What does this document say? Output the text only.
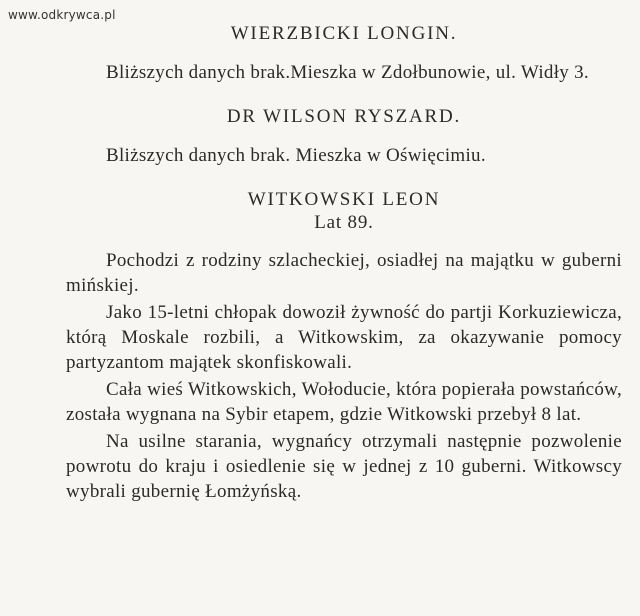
www.odkrywca.pl
WIERZBICKI LONGIN.

Bliższych danych brak.Mieszka w Zdołbunowie, ul. Widły 3.

DR WILSON RYSZARD.

Bliższych danych brak. Mieszka w Oświęcimiu.

WITKOWSKI LEON
Lat 89.

Pochodzi z rodziny szlacheckiej, osiadłej na majątku w guberni mińskiej.

Jako 15-letni chłopak dowoził żywność do partji Korkuziewicza, którą Moskale rozbili, a Witkowskim, za okazywanie pomocy partyzantom majątek skonfiskowali.

Cała wieś Witkowskich, Wołoducie, która popierała powstańców, została wygnana na Sybir etapem, gdzie Witkowski przebył 8 lat.

Na usilne starania, wygnańcy otrzymali następnie pozwolenie powrotu do kraju i osiedlenie się w jednej z 10 guberni. Witkowscy wybrali gubernię Łomżyńską.
